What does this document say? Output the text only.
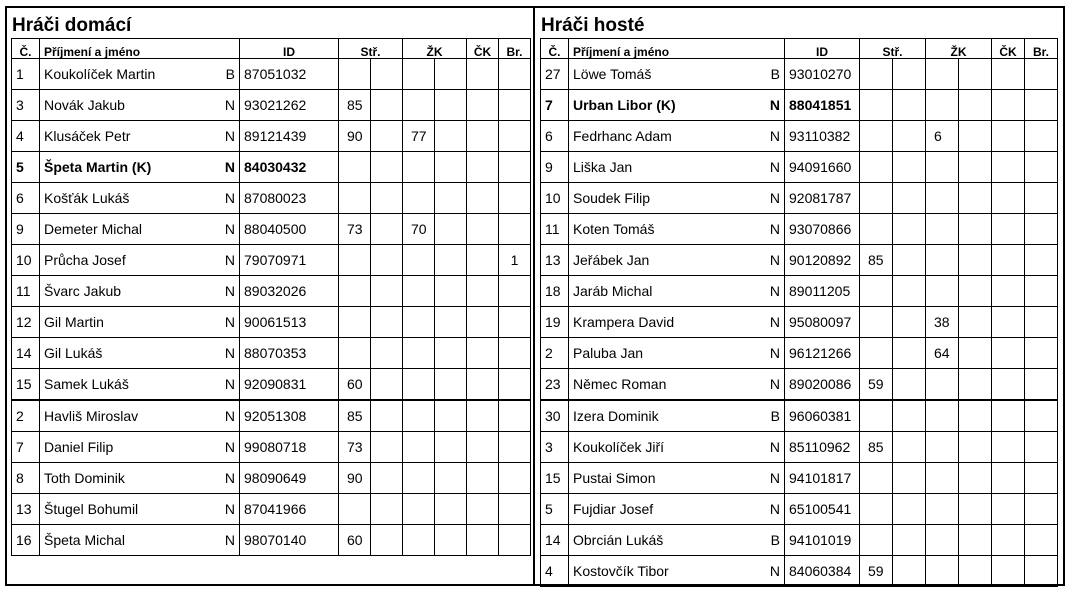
Hráči domácí
Č.	Příjmení a jméno		ID	Stř.		ŽK		ČK	Br.
1	Koukolíček Martin	B	87051032						
3	Novák Jakub	N	93021262	85					
4	Klusáček Petr	N	89121439	90		77			
5	Špeta Martin (K)	N	84030432						
6	Košťák Lukáš	N	87080023						
9	Demeter Michal	N	88040500	73		70			
10	Průcha Josef	N	79070971						1
11	Švarc Jakub	N	89032026						
12	Gil Martin	N	90061513						
14	Gil Lukáš	N	88070353						
15	Samek Lukáš	N	92090831	60					
2	Havliš Miroslav	N	92051308	85					
7	Daniel Filip	N	99080718	73					
8	Toth Dominik	N	98090649	90					
13	Štugel Bohumil	N	87041966						
16	Špeta Michal	N	98070140	60					
Hráči hosté
Č.	Příjmení a jméno		ID	Stř.		ŽK		ČK	Br.
27	Löwe Tomáš	B	93010270						
7	Urban Libor (K)	N	88041851						
6	Fedrhanc Adam	N	93110382			6			
9	Liška Jan	N	94091660						
10	Soudek Filip	N	92081787						
11	Koten Tomáš	N	93070866						
13	Jeřábek Jan	N	90120892	85					
18	Jaráb Michal	N	89011205						
19	Krampera David	N	95080097			38			
2	Paluba Jan	N	96121266			64			
23	Němec Roman	N	89020086	59					
30	Izera Dominik	B	96060381						
3	Koukolíček Jiří	N	85110962	85					
15	Pustai Simon	N	94101817						
5	Fujdiar Josef	N	65100541						
14	Obrcián Lukáš	B	94101019						
4	Kostovčík Tibor	N	84060384	59					
